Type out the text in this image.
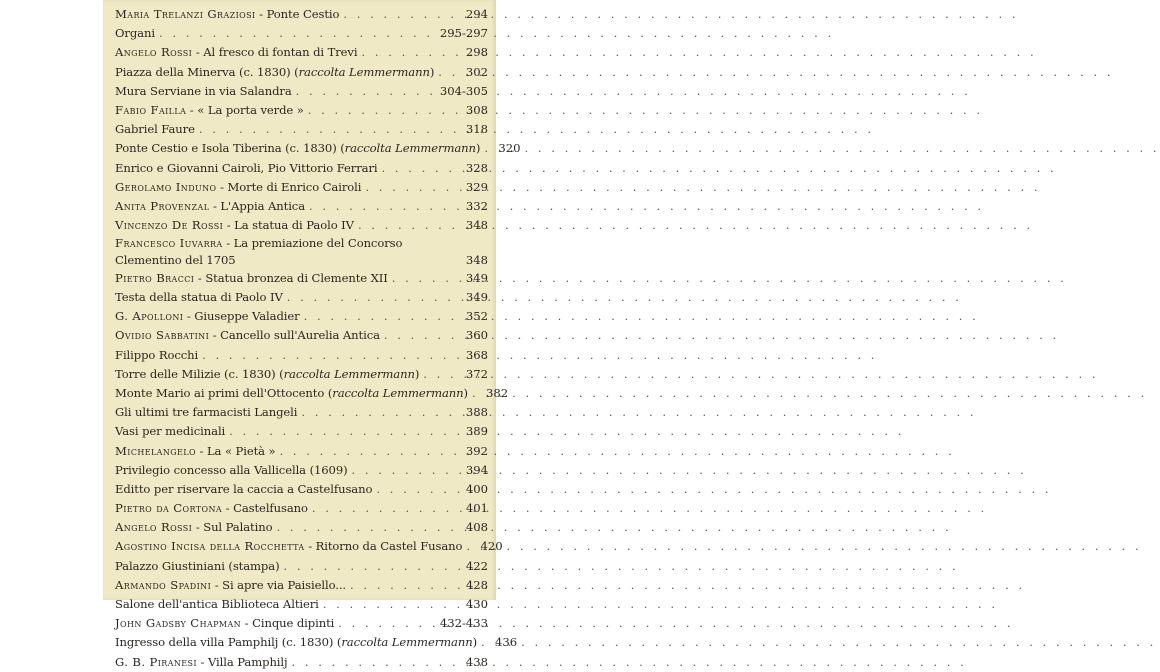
Maria Trelanzi Graziosi - Ponte Cestio . . .	294
Organi . . .	295-297
Angelo Rossi - Al fresco di fontan di Trevi . . .	298
Piazza della Minerva (c. 1830) (raccolta Lemmermann) . . .	302
Mura Serviane in via Salandra . . .	304-305
Fabio Failla - « La porta verde » . . .	308
Gabriel Faure . . .	318
Ponte Cestio e Isola Tiberina (c. 1830) (raccolta Lemmermann) . . .	320
Enrico e Giovanni Cairoli, Pio Vittorio Ferrari . . .	328
Gerolamo Induno - Morte di Enrico Cairoli . . .	329
Anita Provenzal - L'Appia Antica . . .	332
Vincenzo De Rossi - La statua di Paolo IV . . .	348
Francesco Iuvarra - La premiazione del Concorso Clementino del 1705	348
Pietro Bracci - Statua bronzea di Clemente XII . . .	349
Testa della statua di Paolo IV . . .	349
G. Apolloni - Giuseppe Valadier . . .	352
Ovidio Sabbatini - Cancello sull'Aurelia Antica . . .	360
Filippo Rocchi . . .	368
Torre delle Milizie (c. 1830) (raccolta Lemmermann) . . .	372
Monte Mario ai primi dell'Ottocento (raccolta Lemmermann) . . .	382
Gli ultimi tre farmacisti Langeli . . .	388
Vasi per medicinali . . .	389
Michelangelo - La « Pietà » . . .	392
Privilegio concesso alla Vallicella (1609) . . .	394
Editto per riservare la caccia a Castelfusano . . .	400
Pietro da Cortona - Castelfusano . . .	401
Angelo Rossi - Sul Palatino . . .	408
Agostino Incisa della Rocchetta - Ritorno da Castel Fusano . . .	420
Palazzo Giustiniani (stampa) . . .	422
Armando Spadini - Si apre via Paisiello... . . .	428
Salone dell'antica Biblioteca Altieri . . .	430
John Gadsby Chapman - Cinque dipinti . . .	432-433
Ingresso della villa Pamphilj (c. 1830) (raccolta Lemmermann) . . .	436
G. B. Piranesi - Villa Pamphilj . . .	438
